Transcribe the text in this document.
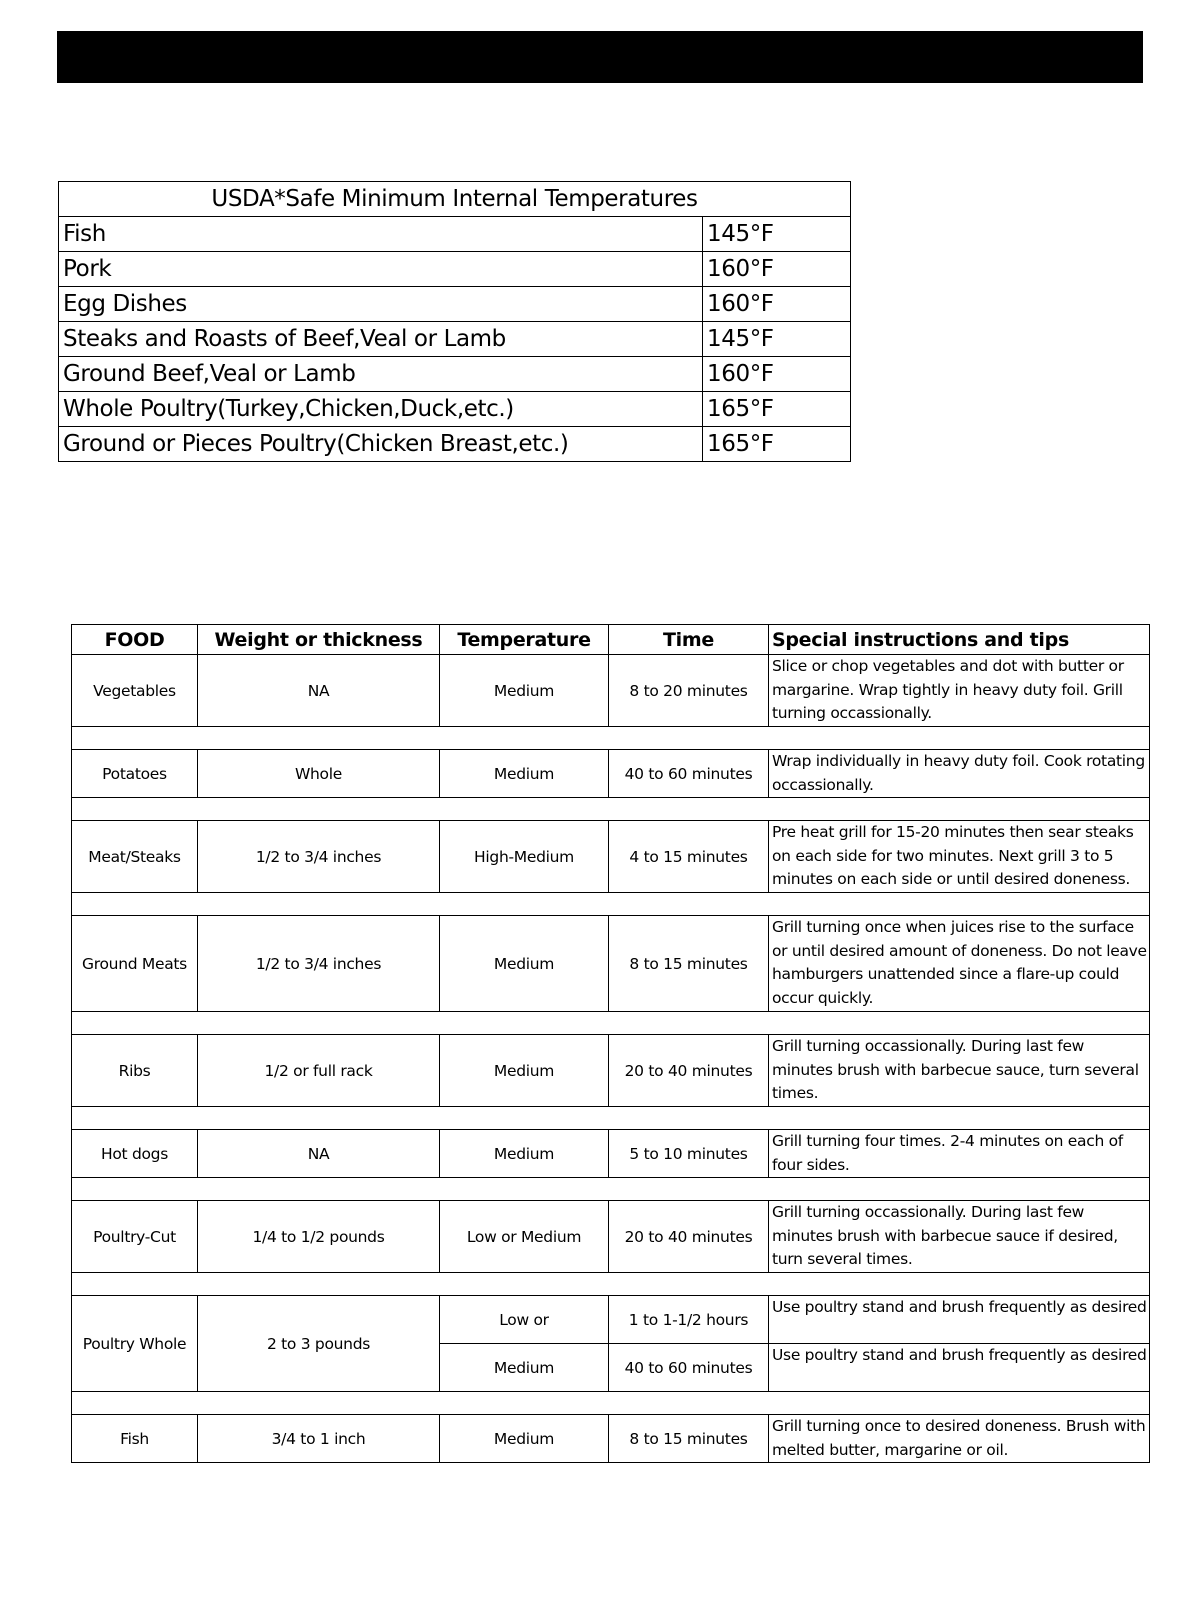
USDA*Safe Minimum Internal Temperatures	
Fish	145°F
Pork	160°F
Egg Dishes	160°F
Steaks and Roasts of Beef,Veal or Lamb	145°F
Ground Beef,Veal or Lamb	160°F
Whole Poultry(Turkey,Chicken,Duck,etc.)	165°F
Ground or Pieces Poultry(Chicken Breast,etc.)	165°F
FOOD	Weight or thickness	Temperature	Time	Special instructions and tips
Vegetables	NA	Medium	8 to 20 minutes	Slice or chop vegetables and dot with butter or margarine. Wrap tightly in heavy duty foil. Grill turning occassionally.

Potatoes	Whole	Medium	40 to 60 minutes	Wrap individually in heavy duty foil. Cook rotating occassionally.

Meat/Steaks	1/2 to 3/4 inches	High-Medium	4 to 15 minutes	Pre heat grill for 15-20 minutes then sear steaks on each side for two minutes. Next grill 3 to 5 minutes on each side or until desired doneness.

Ground Meats	1/2 to 3/4 inches	Medium	8 to 15 minutes	Grill turning once when juices rise to the surface or until desired amount of doneness. Do not leave hamburgers unattended since a flare-up could occur quickly.

Ribs	1/2 or full rack	Medium	20 to 40 minutes	Grill turning occassionally. During last few minutes brush with barbecue sauce, turn several times.

Hot dogs	NA	Medium	5 to 10 minutes	Grill turning four times. 2-4 minutes on each of four sides.

Poultry-Cut	1/4 to 1/2 pounds	Low or Medium	20 to 40 minutes	Grill turning occassionally. During last few minutes brush with barbecue sauce if desired, turn several times.

Poultry Whole	2 to 3 pounds	Low or	1 to 1-1/2 hours	Use poultry stand and brush frequently as desired
		Medium	40 to 60 minutes	Use poultry stand and brush frequently as desired

Fish	3/4 to 1 inch	Medium	8 to 15 minutes	Grill turning once to desired doneness. Brush with melted butter, margarine or oil.
